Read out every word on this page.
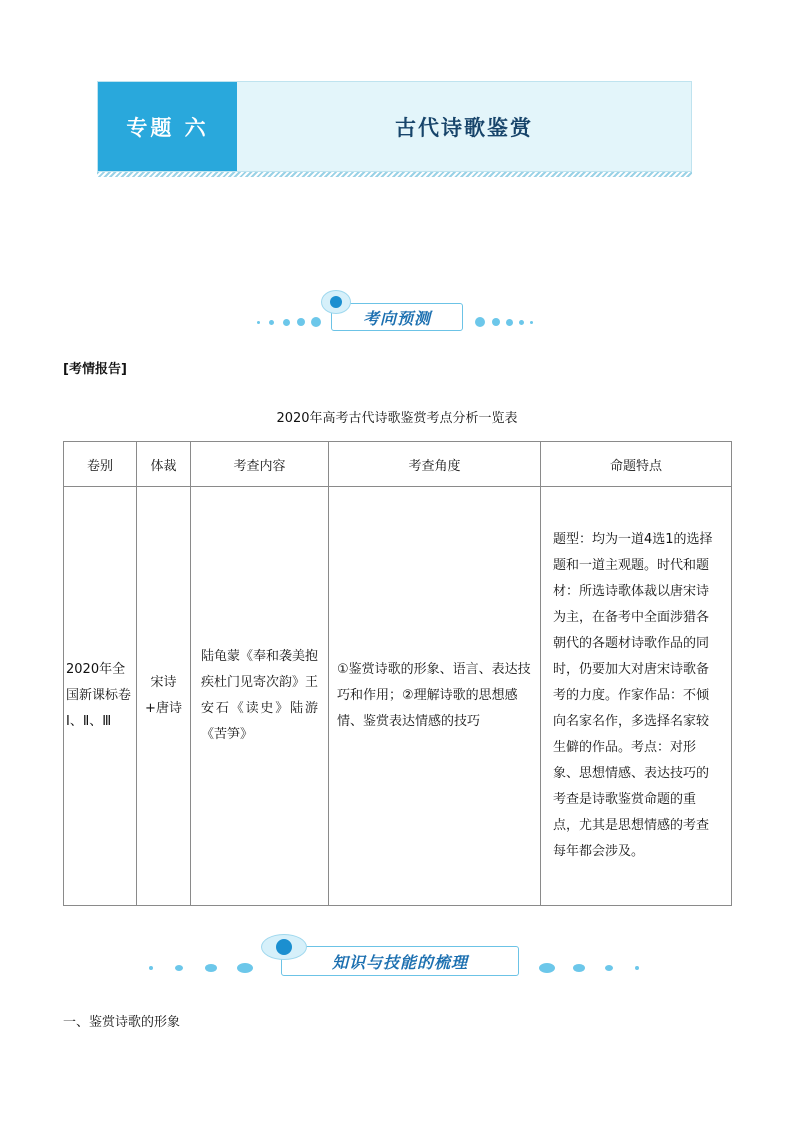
专题 六	古代诗歌鉴赏
考向预测
[考情报告]
2020年高考古代诗歌鉴赏考点分析一览表
卷别	体裁	考查内容	考查角度	命题特点
2020年全国新课标卷Ⅰ、Ⅱ、Ⅲ	宋诗+唐诗	陆龟蒙《奉和袭美抱疾杜门见寄次韵》王安石《读史》陆游《苦笋》	①鉴赏诗歌的形象、语言、表达技巧和作用；②理解诗歌的思想感情、鉴赏表达情感的技巧	题型：均为一道4选1的选择题和一道主观题。时代和题材：所选诗歌体裁以唐宋诗为主，在备考中全面涉猎各朝代的各题材诗歌作品的同时，仍要加大对唐宋诗歌备考的力度。作家作品：不倾向名家名作，多选择名家较生僻的作品。考点：对形象、思想情感、表达技巧的考查是诗歌鉴赏命题的重点，尤其是思想情感的考查每年都会涉及。
知识与技能的梳理
一、鉴赏诗歌的形象
